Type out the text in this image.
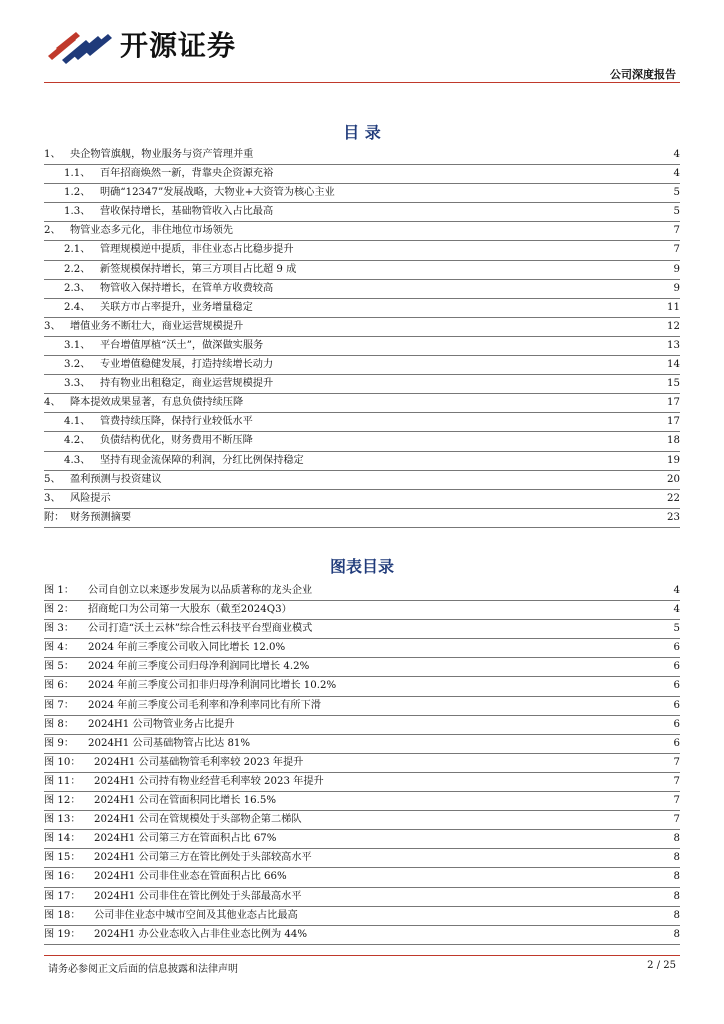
开源证券
公司深度报告
目 录
1、 央企物管旗舰，物业服务与资产管理并重	4
1.1、 百年招商焕然一新，背靠央企资源充裕	4
1.2、 明确“12347”发展战略，大物业+大资管为核心主业	5
1.3、 营收保持增长，基础物管收入占比最高	5
2、 物管业态多元化，非住地位市场领先	7
2.1、 管理规模逆中提质，非住业态占比稳步提升	7
2.2、 新签规模保持增长，第三方项目占比超 9 成	9
2.3、 物管收入保持增长，在管单方收费较高	9
2.4、 关联方市占率提升，业务增量稳定	11
3、 增值业务不断壮大，商业运营规模提升	12
3.1、 平台增值厚植“沃土”，做深做实服务	13
3.2、 专业增值稳健发展，打造持续增长动力	14
3.3、 持有物业出租稳定，商业运营规模提升	15
4、 降本提效成果显著，有息负债持续压降	17
4.1、 管费持续压降，保持行业较低水平	17
4.2、 负债结构优化，财务费用不断压降	18
4.3、 坚持有现金流保障的利润，分红比例保持稳定	19
5、 盈利预测与投资建议	20
3、 风险提示	22
附： 财务预测摘要	23
图表目录
图 1：	公司自创立以来逐步发展为以品质著称的龙头企业	4
图 2：	招商蛇口为公司第一大股东（截至2024Q3）	4
图 3：	公司打造“沃土云林”综合性云科技平台型商业模式	5
图 4：	2024 年前三季度公司收入同比增长 12.0%	6
图 5：	2024 年前三季度公司归母净利润同比增长 4.2%	6
图 6：	2024 年前三季度公司扣非归母净利润同比增长 10.2%	6
图 7：	2024 年前三季度公司毛利率和净利率同比有所下滑	6
图 8：	2024H1 公司物管业务占比提升	6
图 9：	2024H1 公司基础物管占比达 81%	6
图 10：	2024H1 公司基础物管毛利率较 2023 年提升	7
图 11：	2024H1 公司持有物业经营毛利率较 2023 年提升	7
图 12：	2024H1 公司在管面积同比增长 16.5%	7
图 13：	2024H1 公司在管规模处于头部物企第二梯队	7
图 14：	2024H1 公司第三方在管面积占比 67%	8
图 15：	2024H1 公司第三方在管比例处于头部较高水平	8
图 16：	2024H1 公司非住业态在管面积占比 66%	8
图 17：	2024H1 公司非住在管比例处于头部最高水平	8
图 18：	公司非住业态中城市空间及其他业态占比最高	8
图 19：	2024H1 办公业态收入占非住业态比例为 44%	8
请务必参阅正文后面的信息披露和法律声明	2 / 25
